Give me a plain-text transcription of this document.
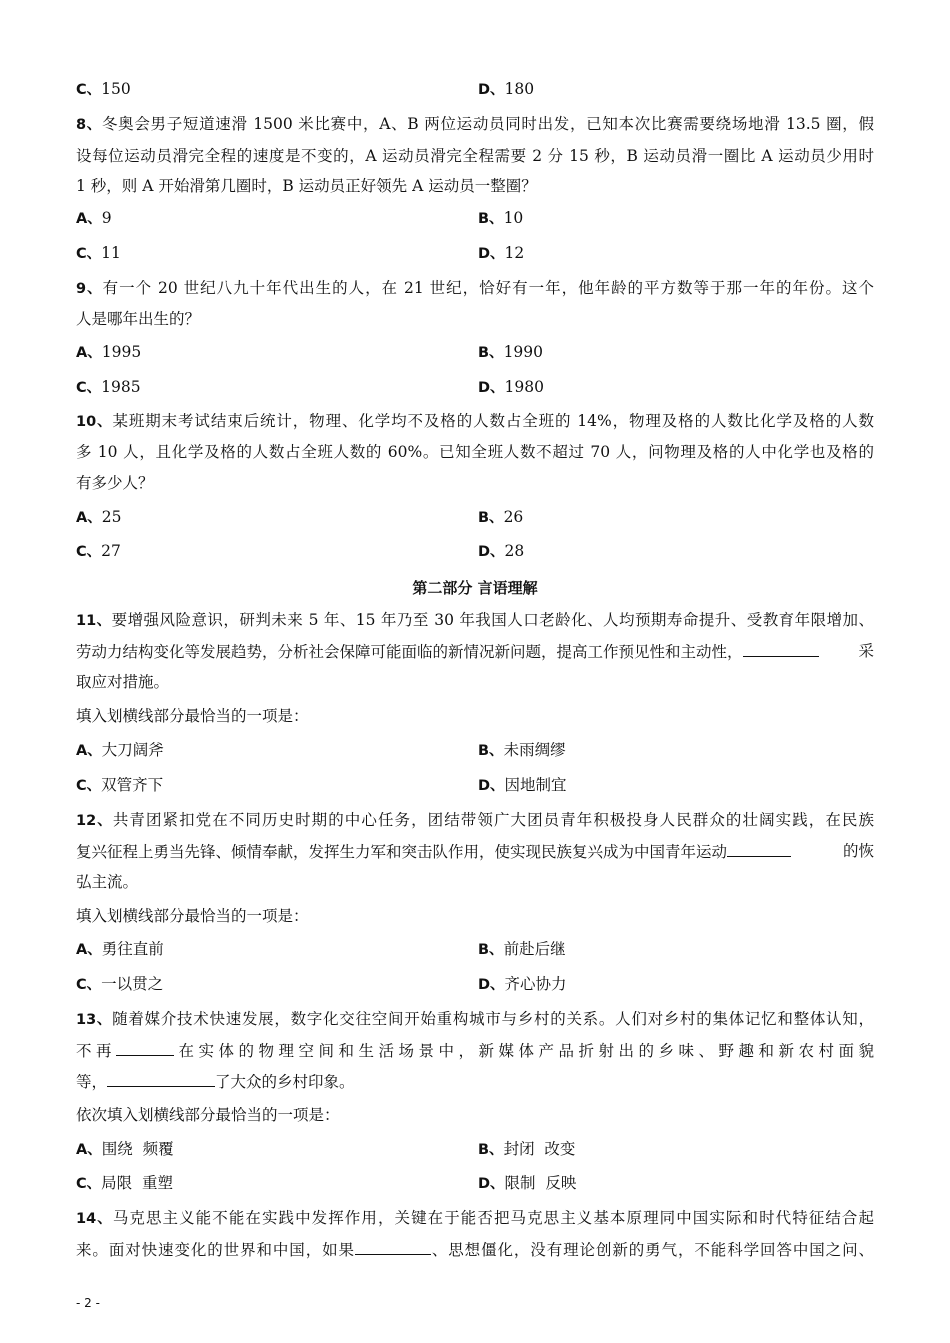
C、150	D、180
8、冬奥会男子短道速滑 1500 米比赛中，A、B 两位运动员同时出发，已知本次比赛需要绕场地滑 13.5 圈，假
设每位运动员滑完全程的速度是不变的，A 运动员滑完全程需要 2 分 15 秒，B 运动员滑一圈比 A 运动员少用时
1 秒，则 A 开始滑第几圈时，B 运动员正好领先 A 运动员一整圈？
A、9	B、10
C、11	D、12
9、有一个 20 世纪八九十年代出生的人，在 21 世纪，恰好有一年，他年龄的平方数等于那一年的年份。这个
人是哪年出生的？
A、1995	B、1990
C、1985	D、1980
10、某班期末考试结束后统计，物理、化学均不及格的人数占全班的 14%，物理及格的人数比化学及格的人数
多 10 人，且化学及格的人数占全班人数的 60%。已知全班人数不超过 70 人，问物理及格的人中化学也及格的
有多少人？
A、25	B、26
C、27	D、28
第二部分 言语理解
11、要增强风险意识，研判未来 5 年、15 年乃至 30 年我国人口老龄化、人均预期寿命提升、受教育年限增加、
劳动力结构变化等发展趋势，分析社会保障可能面临的新情况新问题，提高工作预见性和主动性，	采
取应对措施。
填入划横线部分最恰当的一项是：
A、大刀阔斧	B、未雨绸缪
C、双管齐下	D、因地制宜
12、共青团紧扣党在不同历史时期的中心任务，团结带领广大团员青年积极投身人民群众的壮阔实践，在民族
复兴征程上勇当先锋、倾情奉献，发挥生力军和突击队作用，使实现民族复兴成为中国青年运动	的恢
弘主流。
填入划横线部分最恰当的一项是：
A、勇往直前	B、前赴后继
C、一以贯之	D、齐心协力
13、随着媒介技术快速发展，数字化交往空间开始重构城市与乡村的关系。人们对乡村的集体记忆和整体认知，
不再	在实体的物理空间和生活场景中，新媒体产品折射出的乡味、野趣和新农村面貌
等，	了大众的乡村印象。
依次填入划横线部分最恰当的一项是：
A、围绕  频覆	B、封闭  改变
C、局限  重塑	D、限制  反映
14、马克思主义能不能在实践中发挥作用，关键在于能否把马克思主义基本原理同中国实际和时代特征结合起
来。面对快速变化的世界和中国，如果	、思想僵化，没有理论创新的勇气，不能科学回答中国之问、
- 2 -
